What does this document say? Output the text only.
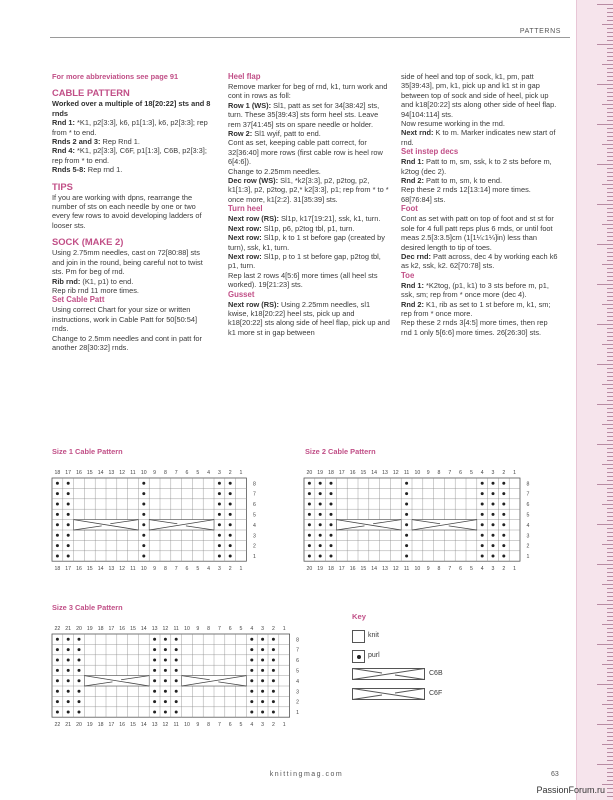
PATTERNS

For more abbreviations see page 91

CABLE PATTERN

Worked over a multiple of 18[20:22] sts and 8 rnds

Rnd 1: *K1, p2[3:3], k6, p1[1:3], k6, p2[3:3]; rep from * to end.

Rnds 2 and 3: Rep Rnd 1.

Rnd 4: *K1, p2[3:3], C6F, p1[1:3], C6B, p2[3:3]; rep from * to end.

Rnds 5-8: Rep rnd 1.

TIPS

If you are working with dpns, rearrange the number of sts on each needle by one or two every few rows to avoid developing ladders of looser sts.

SOCK (MAKE 2)

Using 2.75mm needles, cast on 72[80:88] sts and join in the round, being careful not to twist sts. Pm for beg of rnd.

Rib rnd: (K1, p1) to end.

Rep rib rnd 11 more times.

Set Cable Patt

Using correct Chart for your size or written instructions, work in Cable Patt for 50[50:54] rnds.

Change to 2.5mm needles and cont in patt for another 28[30:32] rnds.

Heel flap

Remove marker for beg of rnd, k1, turn work and cont in rows as foll:

Row 1 (WS): Sl1, patt as set for 34[38:42] sts, turn. These 35[39:43] sts form heel sts. Leave rem 37[41:45] sts on spare needle or holder.

Row 2: Sl1 wyif, patt to end.

Cont as set, keeping cable patt correct, for 32[36:40] more rows (first cable row is heel row 6[4:6]).

Change to 2.25mm needles.

Dec row (WS): Sl1, *k2[3:3], p2, p2tog, p2, k1[1:3], p2, p2tog, p2,* k2[3:3], p1; rep from * to * once more, k1[2:2]. 31[35:39] sts.

Turn heel

Next row (RS): Sl1p, k17[19:21], ssk, k1, turn.

Next row: Sl1p, p6, p2tog tbl, p1, turn.

Next row: Sl1p, k to 1 st before gap (created by turn), ssk, k1, turn.

Next row: Sl1p, p to 1 st before gap, p2tog tbl, p1, turn.

Rep last 2 rows 4[5:6] more times (all heel sts worked). 19[21:23] sts.

Gusset

Next row (RS): Using 2.25mm needles, sl1 kwise, k18[20:22] heel sts, pick up and k18[20:22] sts along side of heel flap, pick up and k1 more st in gap between

side of heel and top of sock, k1, pm, patt 35[39:43], pm, k1, pick up and k1 st in gap between top of sock and side of heel, pick up and k18[20:22] sts along other side of heel flap. 94[104:114] sts.

Now resume working in the rnd.

Next rnd: K to m. Marker indicates new start of rnd.

Set instep decs

Rnd 1: Patt to m, sm, ssk, k to 2 sts before m, k2tog (dec 2).

Rnd 2: Patt to m, sm, k to end.

Rep these 2 rnds 12[13:14] more times. 68[76:84] sts.

Foot

Cont as set with patt on top of foot and st st for sole for 4 full patt reps plus 6 rnds, or until foot meas 2.5[3:3.5]cm (1[1¼:1¼]in) less than desired length to tip of toes.

Dec rnd: Patt across, dec 4 by working each k6 as k2, ssk, k2. 62[70:78] sts.

Toe

Rnd 1: *K2tog, (p1, k1) to 3 sts before m, p1, ssk, sm; rep from * once more (dec 4).

Rnd 2: K1, rib as set to 1 st before m, k1, sm; rep from * once more.

Rep these 2 rnds 3[4:5] more times, then rep rnd 1 only 5[6:6] more times. 26[26:30] sts.

Size 1 Cable Pattern	Size 2 Cable Pattern
Size 3 Cable Pattern
18
18
17
17
16
16
15
15
14
14
13
13
12
12
11
11
10
10
9
9
8
8
7
7
6
6
5
5
4
4
3
3
2
2
1
1
8
7
6
5
4
3
2
1
20
20
19
19
18
18
17
17
16
16
15
15
14
14
13
13
12
12
11
11
10
10
9
9
8
8
7
7
6
6
5
5
4
4
3
3
2
2
1
1
8
7
6
5
4
3
2
1
22
22
21
21
20
20
19
19
18
18
17
17
16
16
15
15
14
14
13
13
12
12
11
11
10
10
9
9
8
8
7
7
6
6
5
5
4
4
3
3
2
2
1
1
8
7
6
5
4
3
2
1
Key
knit
purl
C6B
C6F
knittingmag.com	63
PassionForum.ru
